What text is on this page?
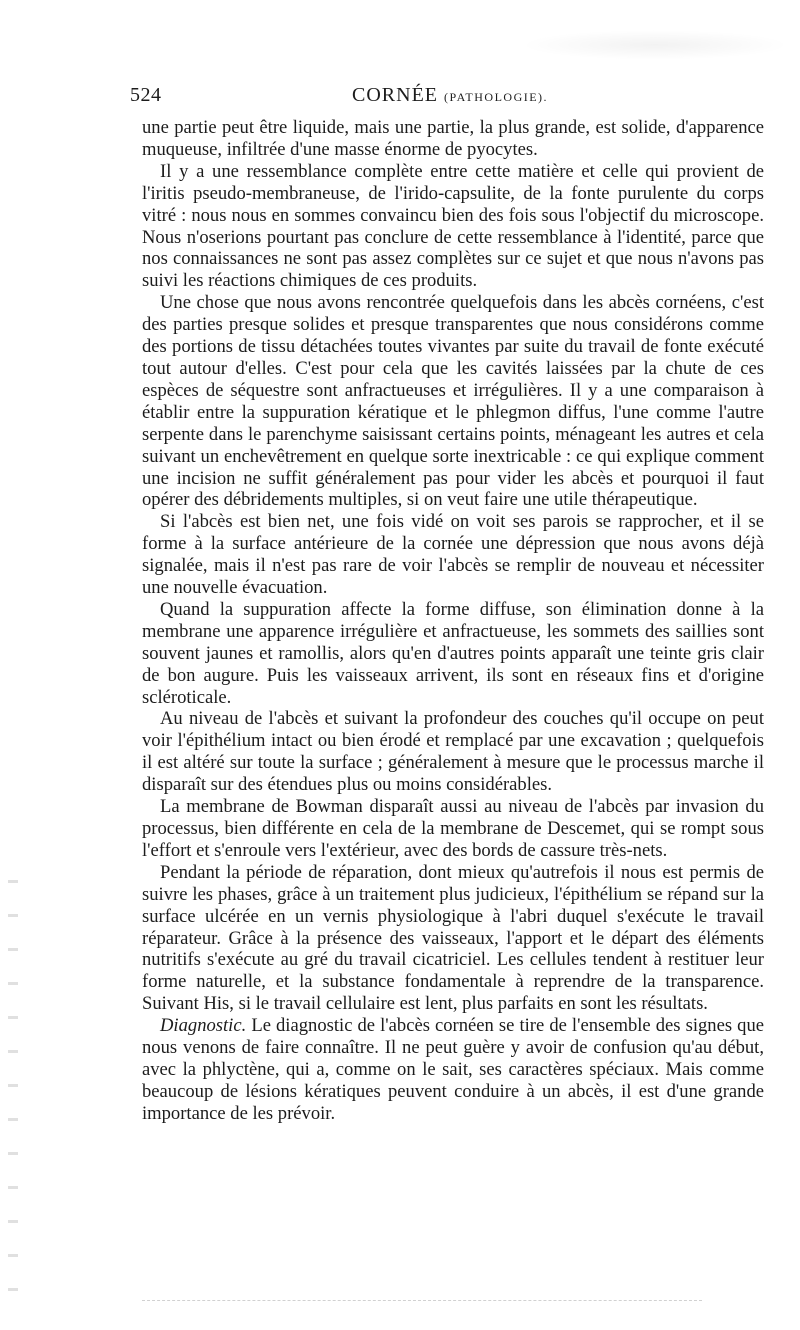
524	CORNÉE (PATHOLOGIE).

une partie peut être liquide, mais une partie, la plus grande, est solide, d'apparence muqueuse, infiltrée d'une masse énorme de pyocytes.

Il y a une ressemblance complète entre cette matière et celle qui provient de l'iritis pseudo-membraneuse, de l'irido-capsulite, de la fonte purulente du corps vitré : nous nous en sommes convaincu bien des fois sous l'objectif du microscope. Nous n'oserions pourtant pas conclure de cette ressemblance à l'identité, parce que nos connaissances ne sont pas assez complètes sur ce sujet et que nous n'avons pas suivi les réactions chimiques de ces produits.

Une chose que nous avons rencontrée quelquefois dans les abcès cornéens, c'est des parties presque solides et presque transparentes que nous considérons comme des portions de tissu détachées toutes vivantes par suite du travail de fonte exécuté tout autour d'elles. C'est pour cela que les cavités laissées par la chute de ces espèces de séquestre sont anfractueuses et irrégulières. Il y a une comparaison à établir entre la suppuration kératique et le phlegmon diffus, l'une comme l'autre serpente dans le parenchyme saisissant certains points, ménageant les autres et cela suivant un enchevêtrement en quelque sorte inextricable : ce qui explique comment une incision ne suffit généralement pas pour vider les abcès et pourquoi il faut opérer des débridements multiples, si on veut faire une utile thérapeutique.

Si l'abcès est bien net, une fois vidé on voit ses parois se rapprocher, et il se forme à la surface antérieure de la cornée une dépression que nous avons déjà signalée, mais il n'est pas rare de voir l'abcès se remplir de nouveau et nécessiter une nouvelle évacuation.

Quand la suppuration affecte la forme diffuse, son élimination donne à la membrane une apparence irrégulière et anfractueuse, les sommets des saillies sont souvent jaunes et ramollis, alors qu'en d'autres points apparaît une teinte gris clair de bon augure. Puis les vaisseaux arrivent, ils sont en réseaux fins et d'origine scléroticale.

Au niveau de l'abcès et suivant la profondeur des couches qu'il occupe on peut voir l'épithélium intact ou bien érodé et remplacé par une excavation ; quelquefois il est altéré sur toute la surface ; généralement à mesure que le processus marche il disparaît sur des étendues plus ou moins considérables.

La membrane de Bowman disparaît aussi au niveau de l'abcès par invasion du processus, bien différente en cela de la membrane de Descemet, qui se rompt sous l'effort et s'enroule vers l'extérieur, avec des bords de cassure très-nets.

Pendant la période de réparation, dont mieux qu'autrefois il nous est permis de suivre les phases, grâce à un traitement plus judicieux, l'épithélium se répand sur la surface ulcérée en un vernis physiologique à l'abri duquel s'exécute le travail réparateur. Grâce à la présence des vaisseaux, l'apport et le départ des éléments nutritifs s'exécute au gré du travail cicatriciel. Les cellules tendent à restituer leur forme naturelle, et la substance fondamentale à reprendre de la transparence. Suivant His, si le travail cellulaire est lent, plus parfaits en sont les résultats.

Diagnostic. Le diagnostic de l'abcès cornéen se tire de l'ensemble des signes que nous venons de faire connaître. Il ne peut guère y avoir de confusion qu'au début, avec la phlyctène, qui a, comme on le sait, ses caractères spéciaux. Mais comme beaucoup de lésions kératiques peuvent conduire à un abcès, il est d'une grande importance de les prévoir.
